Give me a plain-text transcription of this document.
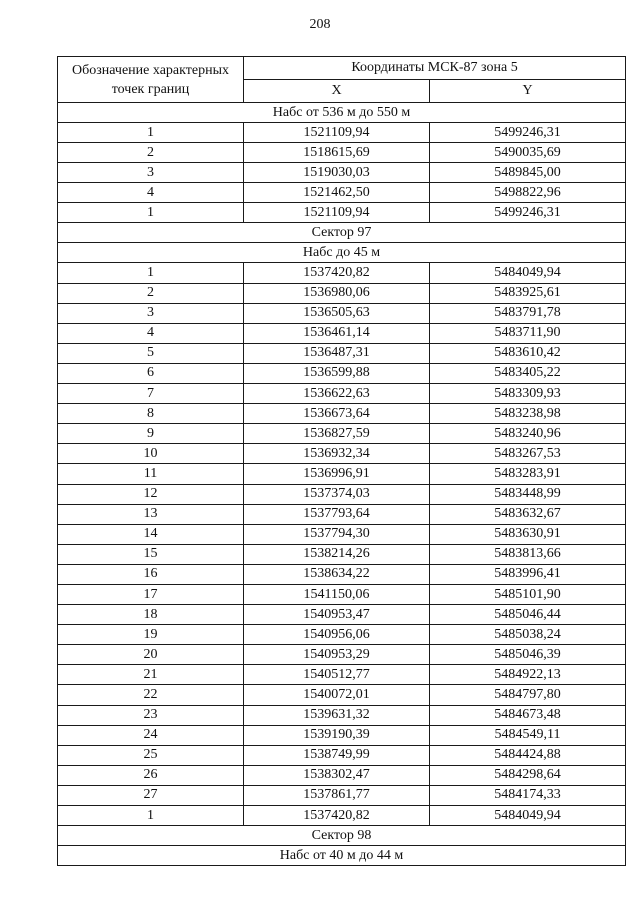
208
Обозначение характерных точек границ	Координаты МСК-87 зона 5	
	X	Y
Набс от 536 м до 550 м		
1	1521109,94	5499246,31
2	1518615,69	5490035,69
3	1519030,03	5489845,00
4	1521462,50	5498822,96
1	1521109,94	5499246,31
Сектор 97		
Набс до 45 м		
1	1537420,82	5484049,94
2	1536980,06	5483925,61
3	1536505,63	5483791,78
4	1536461,14	5483711,90
5	1536487,31	5483610,42
6	1536599,88	5483405,22
7	1536622,63	5483309,93
8	1536673,64	5483238,98
9	1536827,59	5483240,96
10	1536932,34	5483267,53
11	1536996,91	5483283,91
12	1537374,03	5483448,99
13	1537793,64	5483632,67
14	1537794,30	5483630,91
15	1538214,26	5483813,66
16	1538634,22	5483996,41
17	1541150,06	5485101,90
18	1540953,47	5485046,44
19	1540956,06	5485038,24
20	1540953,29	5485046,39
21	1540512,77	5484922,13
22	1540072,01	5484797,80
23	1539631,32	5484673,48
24	1539190,39	5484549,11
25	1538749,99	5484424,88
26	1538302,47	5484298,64
27	1537861,77	5484174,33
1	1537420,82	5484049,94
Сектор 98		
Набс от 40 м до 44 м		
